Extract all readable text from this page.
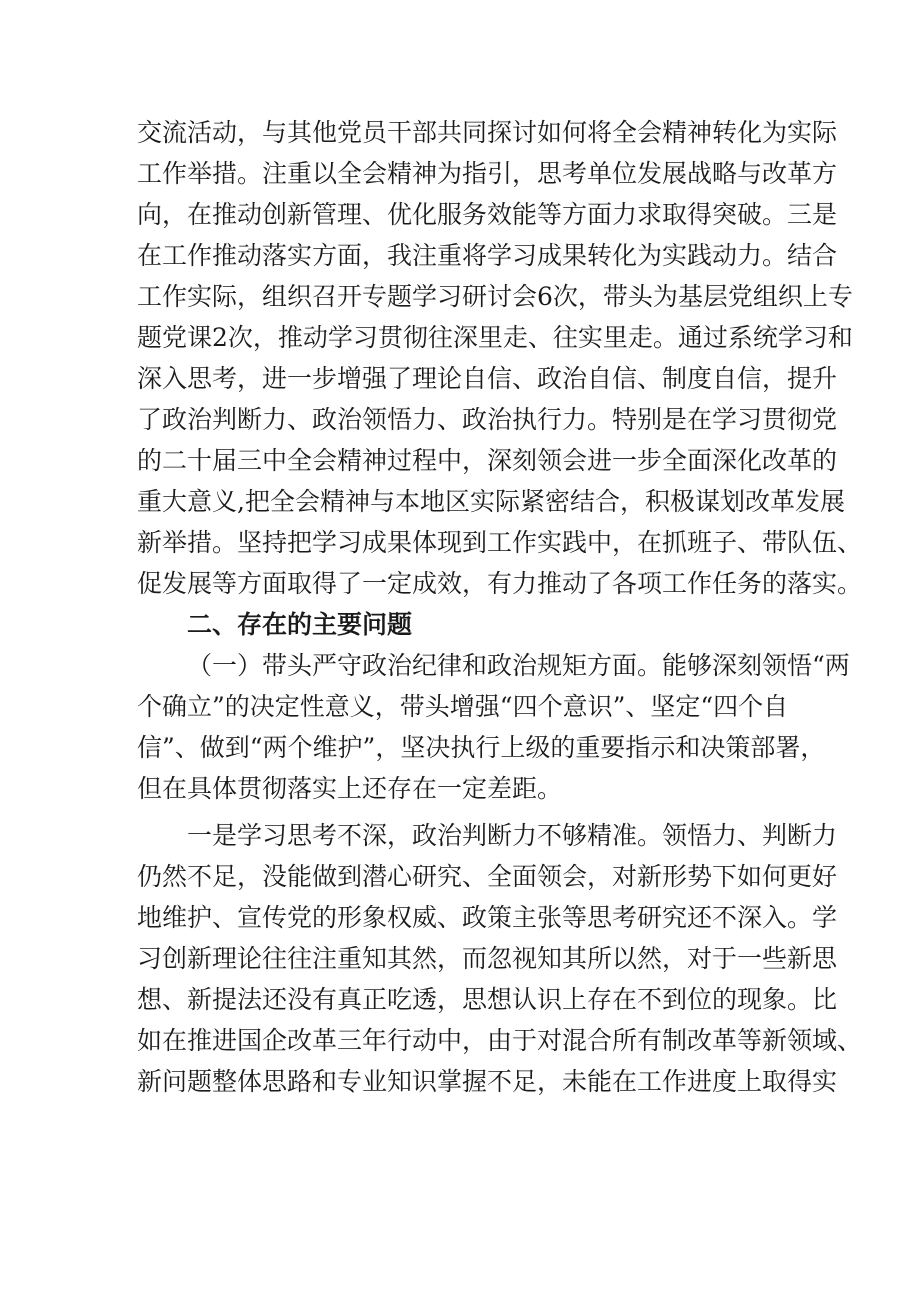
交流活动，与其他党员干部共同探讨如何将全会精神转化为实际
工作举措。注重以全会精神为指引，思考单位发展战略与改革方
向，在推动创新管理、优化服务效能等方面力求取得突破。三是
在工作推动落实方面，我注重将学习成果转化为实践动力。结合
工作实际，组织召开专题学习研讨会6次，带头为基层党组织上专
题党课2次，推动学习贯彻往深里走、往实里走。通过系统学习和
深入思考，进一步增强了理论自信、政治自信、制度自信，提升
了政治判断力、政治领悟力、政治执行力。特别是在学习贯彻党
的二十届三中全会精神过程中，深刻领会进一步全面深化改革的
重大意义,把全会精神与本地区实际紧密结合，积极谋划改革发展
新举措。坚持把学习成果体现到工作实践中，在抓班子、带队伍、
促发展等方面取得了一定成效，有力推动了各项工作任务的落实。
二、存在的主要问题
（一）带头严守政治纪律和政治规矩方面。能够深刻领悟“两
个确立”的决定性意义，带头增强“四个意识”、坚定“四个自
信”、做到“两个维护”，坚决执行上级的重要指示和决策部署，
但在具体贯彻落实上还存在一定差距。
一是学习思考不深，政治判断力不够精准。领悟力、判断力
仍然不足，没能做到潜心研究、全面领会，对新形势下如何更好
地维护、宣传党的形象权威、政策主张等思考研究还不深入。学
习创新理论往往注重知其然，而忽视知其所以然，对于一些新思
想、新提法还没有真正吃透，思想认识上存在不到位的现象。比
如在推进国企改革三年行动中，由于对混合所有制改革等新领域、
新问题整体思路和专业知识掌握不足，未能在工作进度上取得实
